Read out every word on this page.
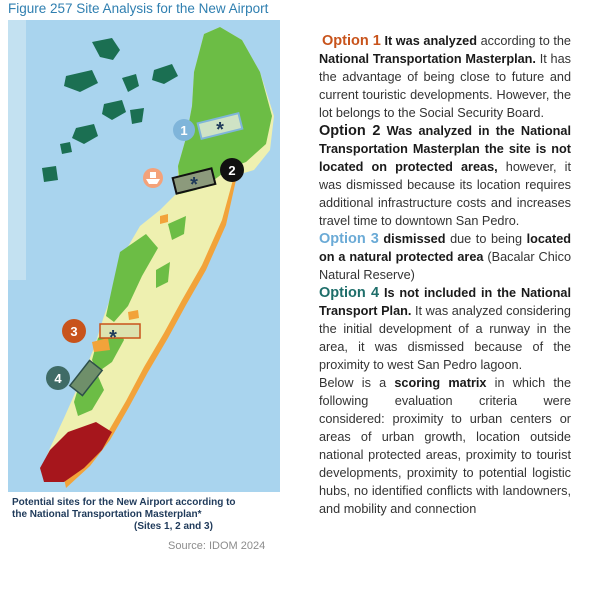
Figure 257 Site Analysis for the New Airport
*
1
*
2
*
3
4
Potential sites for the New Airport according to
the National Transportation Masterplan*
(Sites 1, 2 and 3)
Source: IDOM 2024

Option 1 It was analyzed according to the National Transportation Masterplan. It has the advantage of being close to future and current touristic developments. However, the lot belongs to the Social Security Board.

Option 2 Was analyzed in the National Transportation Masterplan the site is not located on protected areas, however, it was dismissed because its location requires additional infrastructure costs and increases travel time to downtown San Pedro.

Option 3 dismissed due to being located on a natural protected area (Bacalar Chico Natural Reserve)

Option 4 Is not included in the National Transport Plan. It was analyzed considering the initial development of a runway in the area, it was dismissed because of the proximity to west San Pedro lagoon.

Below is a scoring matrix in which the following evaluation criteria were considered: proximity to urban centers or areas of urban growth, location outside national protected areas, proximity to tourist developments, proximity to potential logistic hubs, no identified conflicts with landowners, and mobility and connection
